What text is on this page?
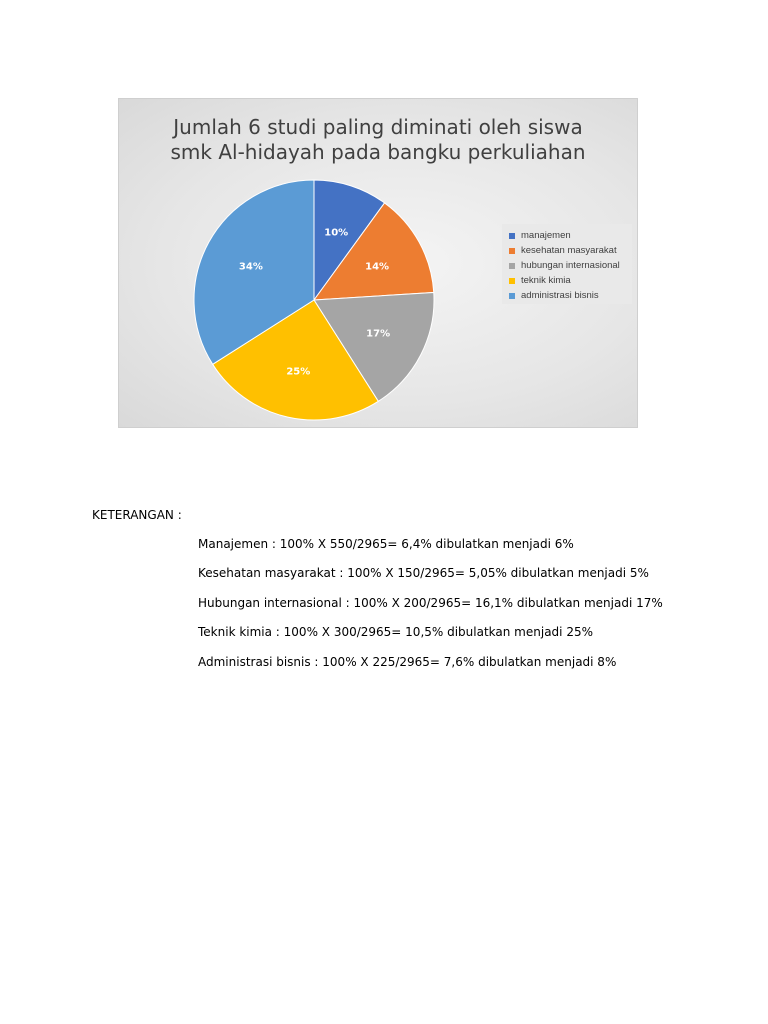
Jumlah 6 studi paling diminati oleh siswa
smk Al-hidayah pada bangku perkuliahan
10%
14%
17%
25%
34%
manajemen
kesehatan masyarakat
hubungan internasional
teknik kimia
administrasi bisnis
KETERANGAN :
Manajemen : 100% X 550/2965= 6,4% dibulatkan menjadi 6%
Kesehatan masyarakat : 100% X 150/2965= 5,05% dibulatkan menjadi 5%
Hubungan internasional : 100% X 200/2965= 16,1% dibulatkan menjadi 17%
Teknik kimia : 100% X 300/2965= 10,5% dibulatkan menjadi 25%
Administrasi bisnis : 100% X 225/2965= 7,6% dibulatkan menjadi 8%
